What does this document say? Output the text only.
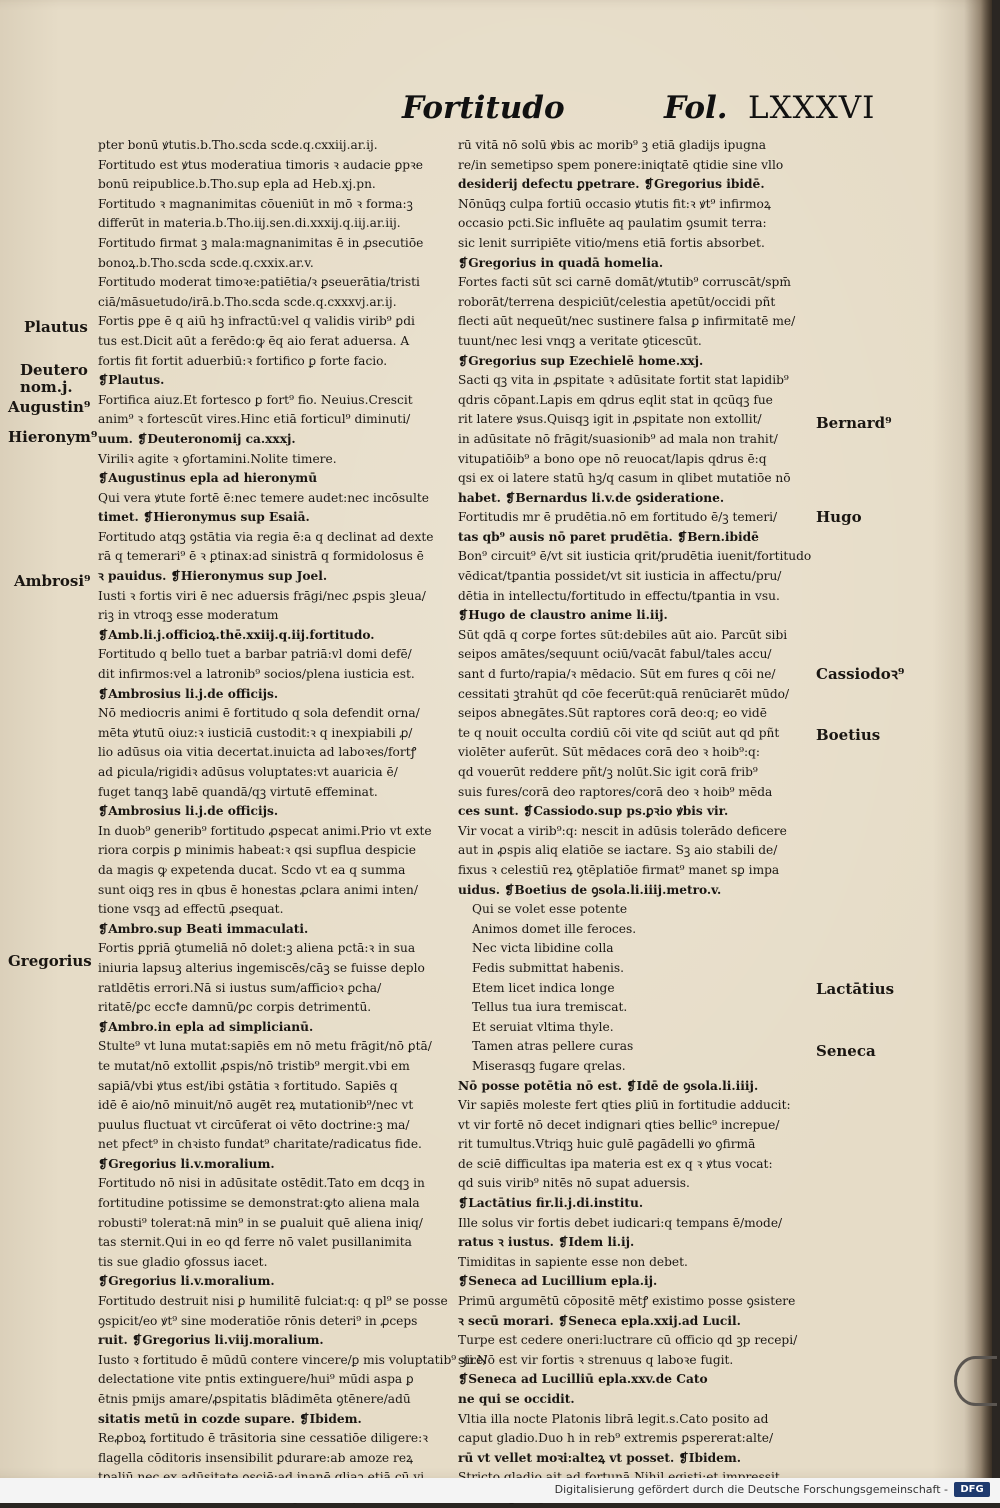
Fortitudo	Fol. LXXXVI
pter bonū ꝟtutis.b.Tho.scda scde.q.cxxiij.ar.ij.
Fortitudo est ꝟtus moderatiua timoris ꝛ audacie ꝑpꝛe
bonū reipublice.b.Tho.sup epla ad Heb.xj.pn.
Fortitudo ꝛ magnanimitas cōueniūt in mō ꝛ forma:ꝫ
differūt in materia.b.Tho.iij.sen.di.xxxij.q.iij.ar.iij.
Fortitudo firmat ꝫ mala:magnanimitas ē in ꝓsecutiōe
bonoꝝ.b.Tho.scda scde.q.cxxix.ar.v.
Fortitudo moderat timoꝛe:patiētia/ꝛ ꝑseuerātia/tristi
ciā/māsuetudo/irā.b.Tho.scda scde.q.cxxxvj.ar.ij.
Fortis ꝑpe ē q aiū hꝫ infractū:vel q validis virib⁹ ꝑdi
tus est.Dicit aūt a ferēdo:ꝙ ēq aio ferat aduersa. A
fortis fit fortit aduerbiū:ꝛ fortifico ꝑ forte facio.
❡Plautus.
Fortifica aiuz.Et fortesco ꝑ fort⁹ fio. Neuius.Crescit
anim⁹ ꝛ fortescūt vires.Hinc etiā forticul⁹ diminuti/
uum. ❡Deuteronomij ca.xxxj.
Viriliꝛ agite ꝛ ꝯfortamini.Nolite timere.
❡Augustinus epla ad hieronymū
Qui vera ꝟtute fortē ē:nec temere audet:nec incōsulte
timet. ❡Hieronymus sup Esaiā.
Fortitudo atqꝫ ꝯstātia via regia ē:a q declinat ad dexte
rā q temerari⁹ ē ꝛ ꝑtinax:ad sinistrā q formidolosus ē
ꝛ pauidus. ❡Hieronymus sup Joel.
Iusti ꝛ fortis viri ē nec aduersis frāgi/nec ꝓspis ꝫleua/
riꝫ in vtroqꝫ esse moderatum
❡Amb.li.j.officioꝝ.thē.xxiij.q.iij.fortitudo.
Fortitudo q bello tuet a barbar patriā:vl domi defē/
dit infirmos:vel a latronib⁹ socios/plena iusticia est.
❡Ambrosius li.j.de officijs.
Nō mediocris animi ē fortitudo q sola defendit orna/
mēta ꝟtutū oiuz:ꝛ iusticiā custodit:ꝛ q inexpiabili ꝓ/
lio adūsus oia vitia decertat.inuicta ad laboꝛes/fortꝭ
ad ꝑicula/rigidiꝛ adūsus voluptates:vt auaricia ē/
fuget tanqꝫ labē quandā/qꝫ virtutē effeminat.
❡Ambrosius li.j.de officijs.
In duob⁹ generib⁹ fortitudo ꝓspecat animi.Prio vt exte
riora corꝑis ꝑ minimis habeat:ꝛ qsi supflua despicie
da magis ꝙ expetenda ducat. Scdo vt ea q summa
sunt oiqꝫ res in qbus ē honestas ꝓclara animi inten/
tione vsqꝫ ad effectū ꝓsequat.
❡Ambro.sup Beati immaculati.
Fortis ꝑpriā ꝯtumeliā nō dolet:ꝫ aliena pctā:ꝛ in sua
iniuria lapsuꝫ alterius ingemiscēs/cāꝫ se fuisse deplo
ratldētis errori.Nā si iustus sum/afficioꝛ ꝑcha/
ritatē/ꝑc eccꝉe damnū/ꝑc corꝑis detrimentū.
❡Ambro.in epla ad simplicianū.
Stulte⁹ vt luna mutat:sapiēs em nō metu frāgit/nō ꝑtā/
te mutat/nō extollit ꝓspis/nō tristib⁹ mergit.vbi em
sapiā/vbi ꝟtus est/ibi ꝯstātia ꝛ fortitudo. Sapiēs q
idē ē aio/nō minuit/nō augēt reꝝ mutationib⁹/nec vt
puulus fluctuat vt circūferat oi vēto doctrine:ꝫ ma/
net pfect⁹ in chꝛisto fundat⁹ charitate/radicatus fide.
❡Gregorius li.v.moralium.
Fortitudo nō nisi in adūsitate ostēdit.Tato em dcqꝫ in
fortitudine potissime se demonstrat:ꝙto aliena mala
robusti⁹ tolerat:nā min⁹ in se ꝑualuit quē aliena iniq/
tas sternit.Qui in eo qd ferre nō valet pusillanimita
tis sue gladio ꝯfossus iacet.
❡Gregorius li.v.moralium.
Fortitudo destruit nisi ꝑ humilitē fulciat:q: q pl⁹ se posse
ꝯspicit/eo ꝟt⁹ sine moderatiōe rōnis deteri⁹ in ꝓceps
ruit. ❡Gregorius li.viij.moralium.
Iusto ꝛ fortitudo ē mūdū contere vincere/ꝑ mis voluptatib⁹ ꝫire/
delectatione vite pntis extinguere/hui⁹ mūdi aspa ꝑ
ētnis pmijs amare/ꝓspitatis blādimēta ꝯtēnere/adū
sitatis metū in cozde supare. ❡Ibidem.
Reꝓboꝝ fortitudo ē trāsitoria sine cessatiōe diligere:ꝛ
flagella cōditoris insensibilit ꝑdurare:ab amoze reꝝ
rū vitā nō solū ꝟbis ac morib⁹ ꝫ etiā gladijs ipugna
re/in semetipso spem ponere:iniqtatē qtidie sine vllo
desiderij defectu ꝑpetrare. ❡Gregorius ibidē.
Nōnūqꝫ culpa fortiū occasio ꝟtutis fit:ꝛ ꝟt⁹ infirmoꝝ
occasio pcti.Sic influēte aq paulatim ꝯsumit terra:
sic lenit surripiēte vitio/mens etiā fortis absorbet.
❡Gregorius in quadā homelia.
Fortes facti sūt sci carnē domāt/ꝟtutib⁹ corruscāt/spm̄
roborāt/terrena despiciūt/celestia apetūt/occidi pñt
flecti aūt nequeūt/nec sustinere falsa ꝑ infirmitatē me/
tuunt/nec lesi vnqꝫ a veritate ꝯticescūt.
❡Gregorius sup Ezechielē home.xxj.
Sacti qꝫ vita in ꝓspitate ꝛ adūsitate fortit stat lapidib⁹
qdris cōpant.Lapis em qdrus eqlit stat in qcūqꝫ fue
rit latere ꝟsus.Quisqꝫ igit in ꝓspitate non extollit/
in adūsitate nō frāgit/suasionib⁹ ad mala non trahit/
vituꝑatiōib⁹ a bono ope nō reuocat/lapis qdrus ē:q
qsi ex oi latere statū hꝫ/q casum in qlibet mutatiōe nō
habet. ❡Bernardus li.v.de ꝯsideratione.
Fortitudis mr ē prudētia.nō em fortitudo ē/ꝫ temeri/
tas qb⁹ ausis nō paret prudētia. ❡Bern.ibidē
Bon⁹ circuit⁹ ē/vt sit iusticia qrit/prudētia iuenit/fortitudo
vēdicat/tꝑantia possidet/vt sit iusticia in affectu/pru/
dētia in intellectu/fortitudo in effectu/tꝑantia in vsu.
❡Hugo de claustro anime li.iij.
Sūt qdā q corꝑe fortes sūt:debiles aūt aio. Parcūt sibi
seipos amātes/sequunt ociū/vacāt fabul/tales accu/
sant d furto/rapia/ꝛ mēdacio. Sūt em fures q cōi ne/
cessitati ꝫtrahūt qd cōe fecerūt:quā renūciarēt mūdo/
seipos abnegātes.Sūt raptores corā deo:q; eo vidē
te q nouit occulta cordiū cōi vite qd sciūt aut qd pñt
violēter auferūt. Sūt mēdaces corā deo ꝛ hoib⁹:q:
qd vouerūt reddere pñt/ꝫ nolūt.Sic igit corā frib⁹
suis fures/corā deo raptores/corā deo ꝛ hoib⁹ mēda
ces sunt. ❡Cassiodo.sup ps.ꝑꝛio ꝟbis vir.
Vir vocat a virib⁹:q: nescit in adūsis tolerādo deficere
aut in ꝓspis aliq elatiōe se iactare. Sꝫ aio stabili de/
fixus ꝛ celestiū reꝝ ꝯtēplatiōe firmat⁹ manet sꝑ impa
uidus. ❡Boetius de ꝯsola.li.iiij.metro.v.
Qui se volet esse potente
Animos domet ille feroces.
Nec victa libidine colla
Fedis submittat habenis.
Etem licet indica longe
Tellus tua iura tremiscat.
Et seruiat vltima thyle.
Tamen atras pellere curas
Miserasqꝫ fugare qrelas.
Nō posse potētia nō est. ❡Idē de ꝯsola.li.iiij.
Vir sapiēs moleste fert qties ꝑliū in fortitudie adducit:
vt vir fortē nō decet indignari qties bellic⁹ increpue/
rit tumultus.Vtriqꝫ huic gulē ꝑagādelli ꝟo ꝯfirmā
de sciē difficultas ipa materia est ex q ꝛ ꝟtus vocat:
qd suis virib⁹ nitēs nō supat aduersis.
❡Lactātius fir.li.j.di.institu.
Ille solus vir fortis debet iudicari:q tempans ē/mode/
ratus ꝛ iustus. ❡Idem li.ij.
Timiditas in sapiente esse non debet.
❡Seneca ad Lucillium epla.ij.
Primū argumētū cōpositē mētꝭ existimo posse ꝯsistere
ꝛ secū morari. ❡Seneca epla.xxij.ad Lucil.
Turpe est cedere oneri:luctrare cū officio qd ꝫp recepi/
sti.Nō est vir fortis ꝛ strenuus q laboꝛe fugit.
❡Seneca ad Lucilliū epla.xxv.de Cato
ne qui se occidit.
Vltia illa nocte Platonis librā legit.s.Cato posito ad
caput gladio.Duo h in reb⁹ extremis ꝑspererat:alte/
rū vt vellet moꝛi:alteꝝ vt posset. ❡Ibidem.
Plautus
Deutero nom.j.
Augustin⁹
Hieronym⁹
Ambrosi⁹
Gregorius
Bernard⁹
Hugo
Cassiodoꝛ⁹
Boetius
Lactātius
Seneca
Digitalisierung gefördert durch die Deutsche Forschungsgemeinschaft -	DFG
